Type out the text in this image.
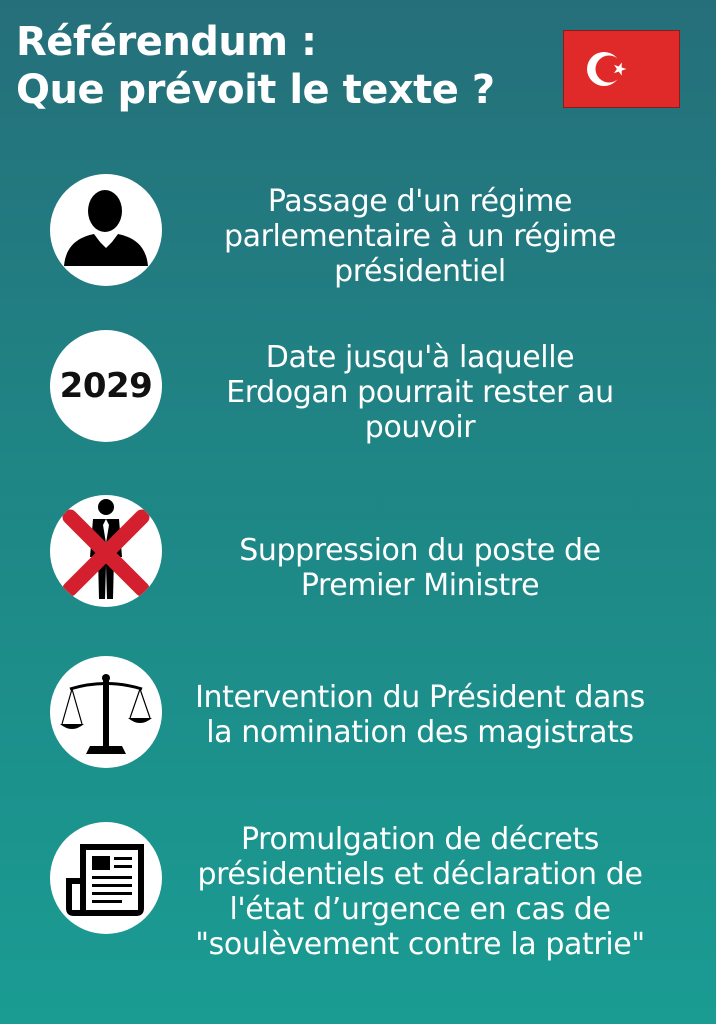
Référendum :
Que prévoit le texte ?
Passage d'un régime
parlementaire à un régime
présidentiel
2029
Date jusqu'à laquelle
Erdogan pourrait rester au
pouvoir
Suppression du poste de
Premier Ministre
Intervention du Président dans
la nomination des magistrats
Promulgation de décrets
présidentiels et déclaration de
l'état d’urgence en cas de
"soulèvement contre la patrie"
